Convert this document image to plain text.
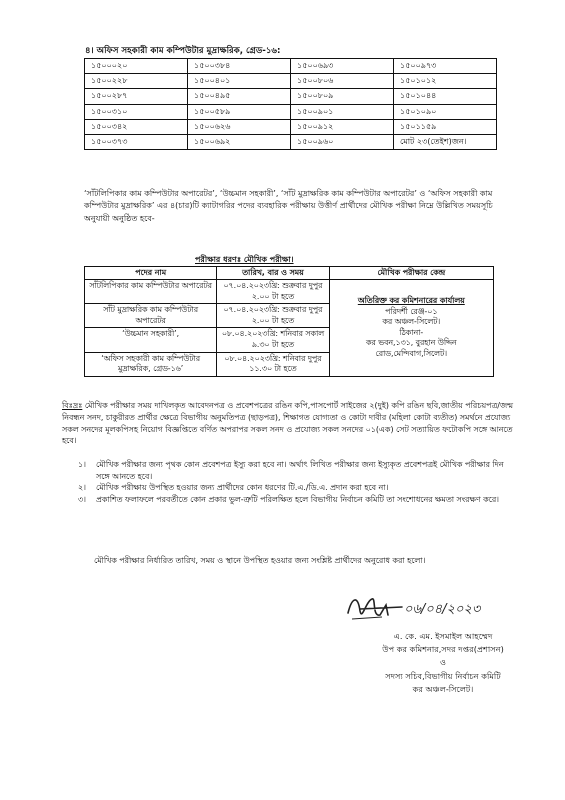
৪। অফিস সহকারী কাম কম্পিউটার মুদ্রাক্ষরিক, গ্রেড-১৬:
১৫০০০২০	১৫০০৩৮৪	১৫০০৬৯৩	১৫০০৯৭৩
১৫০০২২৮	১৫০০৪০১	১৫০০৮০৬	১৫০১০১২
১৫০০২৮৭	১৫০০৪৯৫	১৫০০৮০৯	১৫০১০৪৪
১৫০০৩১০	১৫০০৫৮৯	১৫০০৯০১	১৫০১০৯০
১৫০০৩৪২	১৫০০৬২৬	১৫০০৯১২	১৫০১১৫৯
১৫০০৩৭৩	১৫০০৬৯২	১৫০০৯৬০	মোট ২৩(তেইশ)জন।
‘সাঁটলিপিকার কাম কম্পিউটার অপারেটর’, ‘উচ্চমান সহকারী’, ‘সাঁট মুদ্রাক্ষরিক কাম কম্পিউটার অপারেটর’ ও ‘অফিস সহকারী কাম কম্পিউটার মুদ্রাক্ষরিক’ এর ৪(চার)টি ক্যাটাগরির পদের ব্যবহারিক পরীক্ষায় উত্তীর্ণ প্রার্থীদের মৌখিক পরীক্ষা নিম্নে উল্লিখিত সময়সূচি অনুযায়ী অনুষ্ঠিত হবে-
পরীক্ষার ধরণঃ মৌখিক পরীক্ষা।
পদের নাম	তারিখ, বার ও সময়	মৌখিক পরীক্ষার কেন্দ্র
সাঁটলিপিকার কাম কম্পিউটার অপারেটর	০৭.০৪.২০২৩খ্রি: শুক্রবার দুপুর ২.০০ টা হতে	অতিরিক্ত কর কমিশনারের কার্যালয়
পরিদর্শী রেঞ্জ-০১
কর অঞ্চল-সিলেট।
ঠিকানা-
কর ভবন,১৩১, বুরহান উদ্দিন রোড,মেন্দিবাগ,সিলেট।

সাঁট মুদ্রাক্ষরিক কাম কম্পিউটার অপারেটর	০৭.০৪.২০২৩খ্রি: শুক্রবার দুপুর ২.০০ টা হতে	
‘উচ্চমান সহকারী’,	০৮.০৪.২০২৩খ্রি: শনিবার সকাল ৯.৩০ টা হতে	
‘অফিস সহকারী কাম কম্পিউটার মুদ্রাক্ষরিক, গ্রেড-১৬’	০৮.০৪.২০২৩খ্রি: শনিবার দুপুর ১১.৩০ টা হতে	
বিঃদ্রঃ মৌখিক পরীক্ষার সময় দাখিলকৃত আবেদনপত্র ও প্রবেশপত্রের রঙিন কপি,পাসপোর্ট সাইজের ২(দুই) কপি রঙিন ছবি,জাতীয় পরিচয়পত্র/জন্ম নিবন্ধন সনদ, চাকুরীরত প্রার্থীর ক্ষেত্রে বিভাগীয় অনুমতিপত্র (ছাড়পত্র), শিক্ষাগত যোগ্যতা ও কোটা দাবীর (মহিলা কোটা ব্যতীত) সমর্থনে প্রযোজ্য সকল সনদের মূলকপিসহ নিয়োগ বিজ্ঞপ্তিতে বর্ণিত অপরাপর সকল সনদ ও প্রযোজ্য সকল সনদের ০১(এক) সেট সত্যায়িত ফটোকপি সঙ্গে আনতে হবে।
১।	মৌখিক পরীক্ষার জন্য পৃথক কোন প্রবেশপত্র ইস্যু করা হবে না। অর্থাৎ লিখিত পরীক্ষার জন্য ইস্যুকৃত প্রবেশপত্রই মৌখিক পরীক্ষার দিন সঙ্গে আনতে হবে।
২।	মৌখিক পরীক্ষায় উপস্থিত হওয়ার জন্য প্রার্থীদের কোন ধরণের টি.এ./ডি.এ. প্রদান করা হবে না।
৩।	প্রকাশিত ফলাফলে পরবর্তীতে কোন প্রকার ভুল-ত্রুটি পরিলক্ষিত হলে বিভাগীয় নির্বাচন কমিটি তা সংশোধনের ক্ষমতা সংরক্ষণ করে।
মৌখিক পরীক্ষার নির্ধারিত তারিখ, সময় ও স্থানে উপস্থিত হওয়ার জন্য সংশ্লিষ্ট প্রার্থীদের অনুরোধ করা হলো।
০৬/০৪/২০২৩
এ. কে. এম. ইসমাইল আহম্মেদ
উপ কর কমিশনার,সদর দপ্তর(প্রশাসন)
ও
সদস্য সচিব,বিভাগীয় নির্বাচন কমিটি
কর অঞ্চল-সিলেট।
